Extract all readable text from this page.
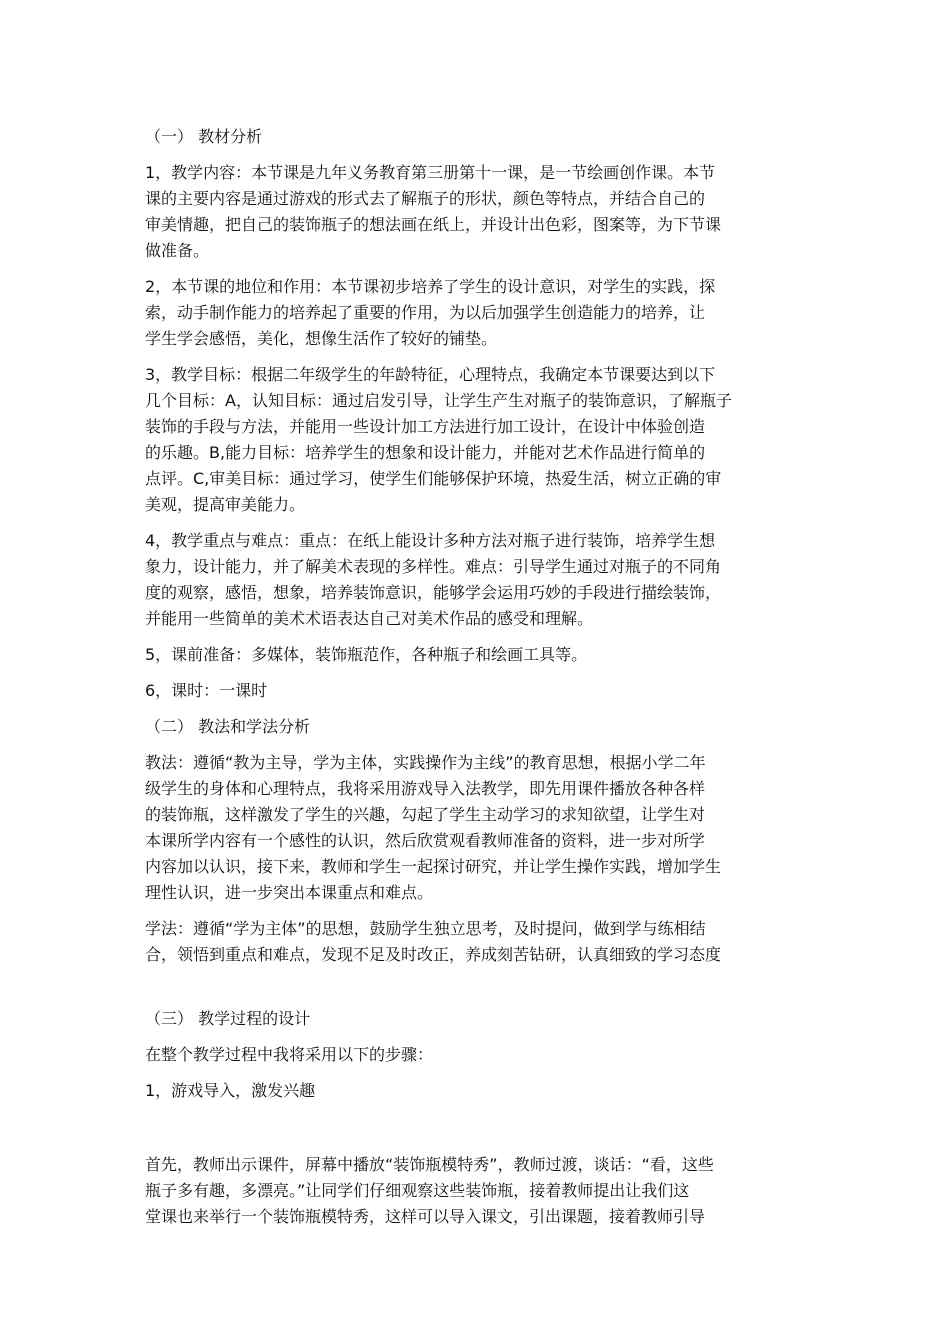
（一） 教材分析
1，教学内容：本节课是九年义务教育第三册第十一课，是一节绘画创作课。本节
课的主要内容是通过游戏的形式去了解瓶子的形状，颜色等特点，并结合自己的
审美情趣，把自己的装饰瓶子的想法画在纸上，并设计出色彩，图案等，为下节课
做准备。
2，本节课的地位和作用：本节课初步培养了学生的设计意识，对学生的实践，探
索，动手制作能力的培养起了重要的作用，为以后加强学生创造能力的培养，让
学生学会感悟，美化，想像生活作了较好的铺垫。
3，教学目标：根据二年级学生的年龄特征，心理特点，我确定本节课要达到以下
几个目标：A，认知目标：通过启发引导，让学生产生对瓶子的装饰意识，了解瓶子
装饰的手段与方法，并能用一些设计加工方法进行加工设计，在设计中体验创造
的乐趣。B,能力目标：培养学生的想象和设计能力，并能对艺术作品进行简单的
点评。C,审美目标：通过学习，使学生们能够保护环境，热爱生活，树立正确的审
美观，提高审美能力。
4，教学重点与难点：重点：在纸上能设计多种方法对瓶子进行装饰，培养学生想
象力，设计能力，并了解美术表现的多样性。难点：引导学生通过对瓶子的不同角
度的观察，感悟，想象，培养装饰意识，能够学会运用巧妙的手段进行描绘装饰，
并能用一些简单的美术术语表达自己对美术作品的感受和理解。
5，课前准备：多媒体，装饰瓶范作，各种瓶子和绘画工具等。
6，课时：一课时
（二） 教法和学法分析
教法：遵循“教为主导，学为主体，实践操作为主线”的教育思想，根据小学二年
级学生的身体和心理特点，我将采用游戏导入法教学，即先用课件播放各种各样
的装饰瓶，这样激发了学生的兴趣，勾起了学生主动学习的求知欲望，让学生对
本课所学内容有一个感性的认识，然后欣赏观看教师准备的资料，进一步对所学
内容加以认识，接下来，教师和学生一起探讨研究，并让学生操作实践，增加学生
理性认识，进一步突出本课重点和难点。
学法：遵循“学为主体”的思想，鼓励学生独立思考，及时提问，做到学与练相结
合，领悟到重点和难点，发现不足及时改正，养成刻苦钻研，认真细致的学习态度
（三） 教学过程的设计
在整个教学过程中我将采用以下的步骤：
1，游戏导入，激发兴趣
首先，教师出示课件，屏幕中播放“装饰瓶模特秀”，教师过渡，谈话：“看，这些
瓶子多有趣，多漂亮。”让同学们仔细观察这些装饰瓶，接着教师提出让我们这
堂课也来举行一个装饰瓶模特秀，这样可以导入课文，引出课题，接着教师引导
